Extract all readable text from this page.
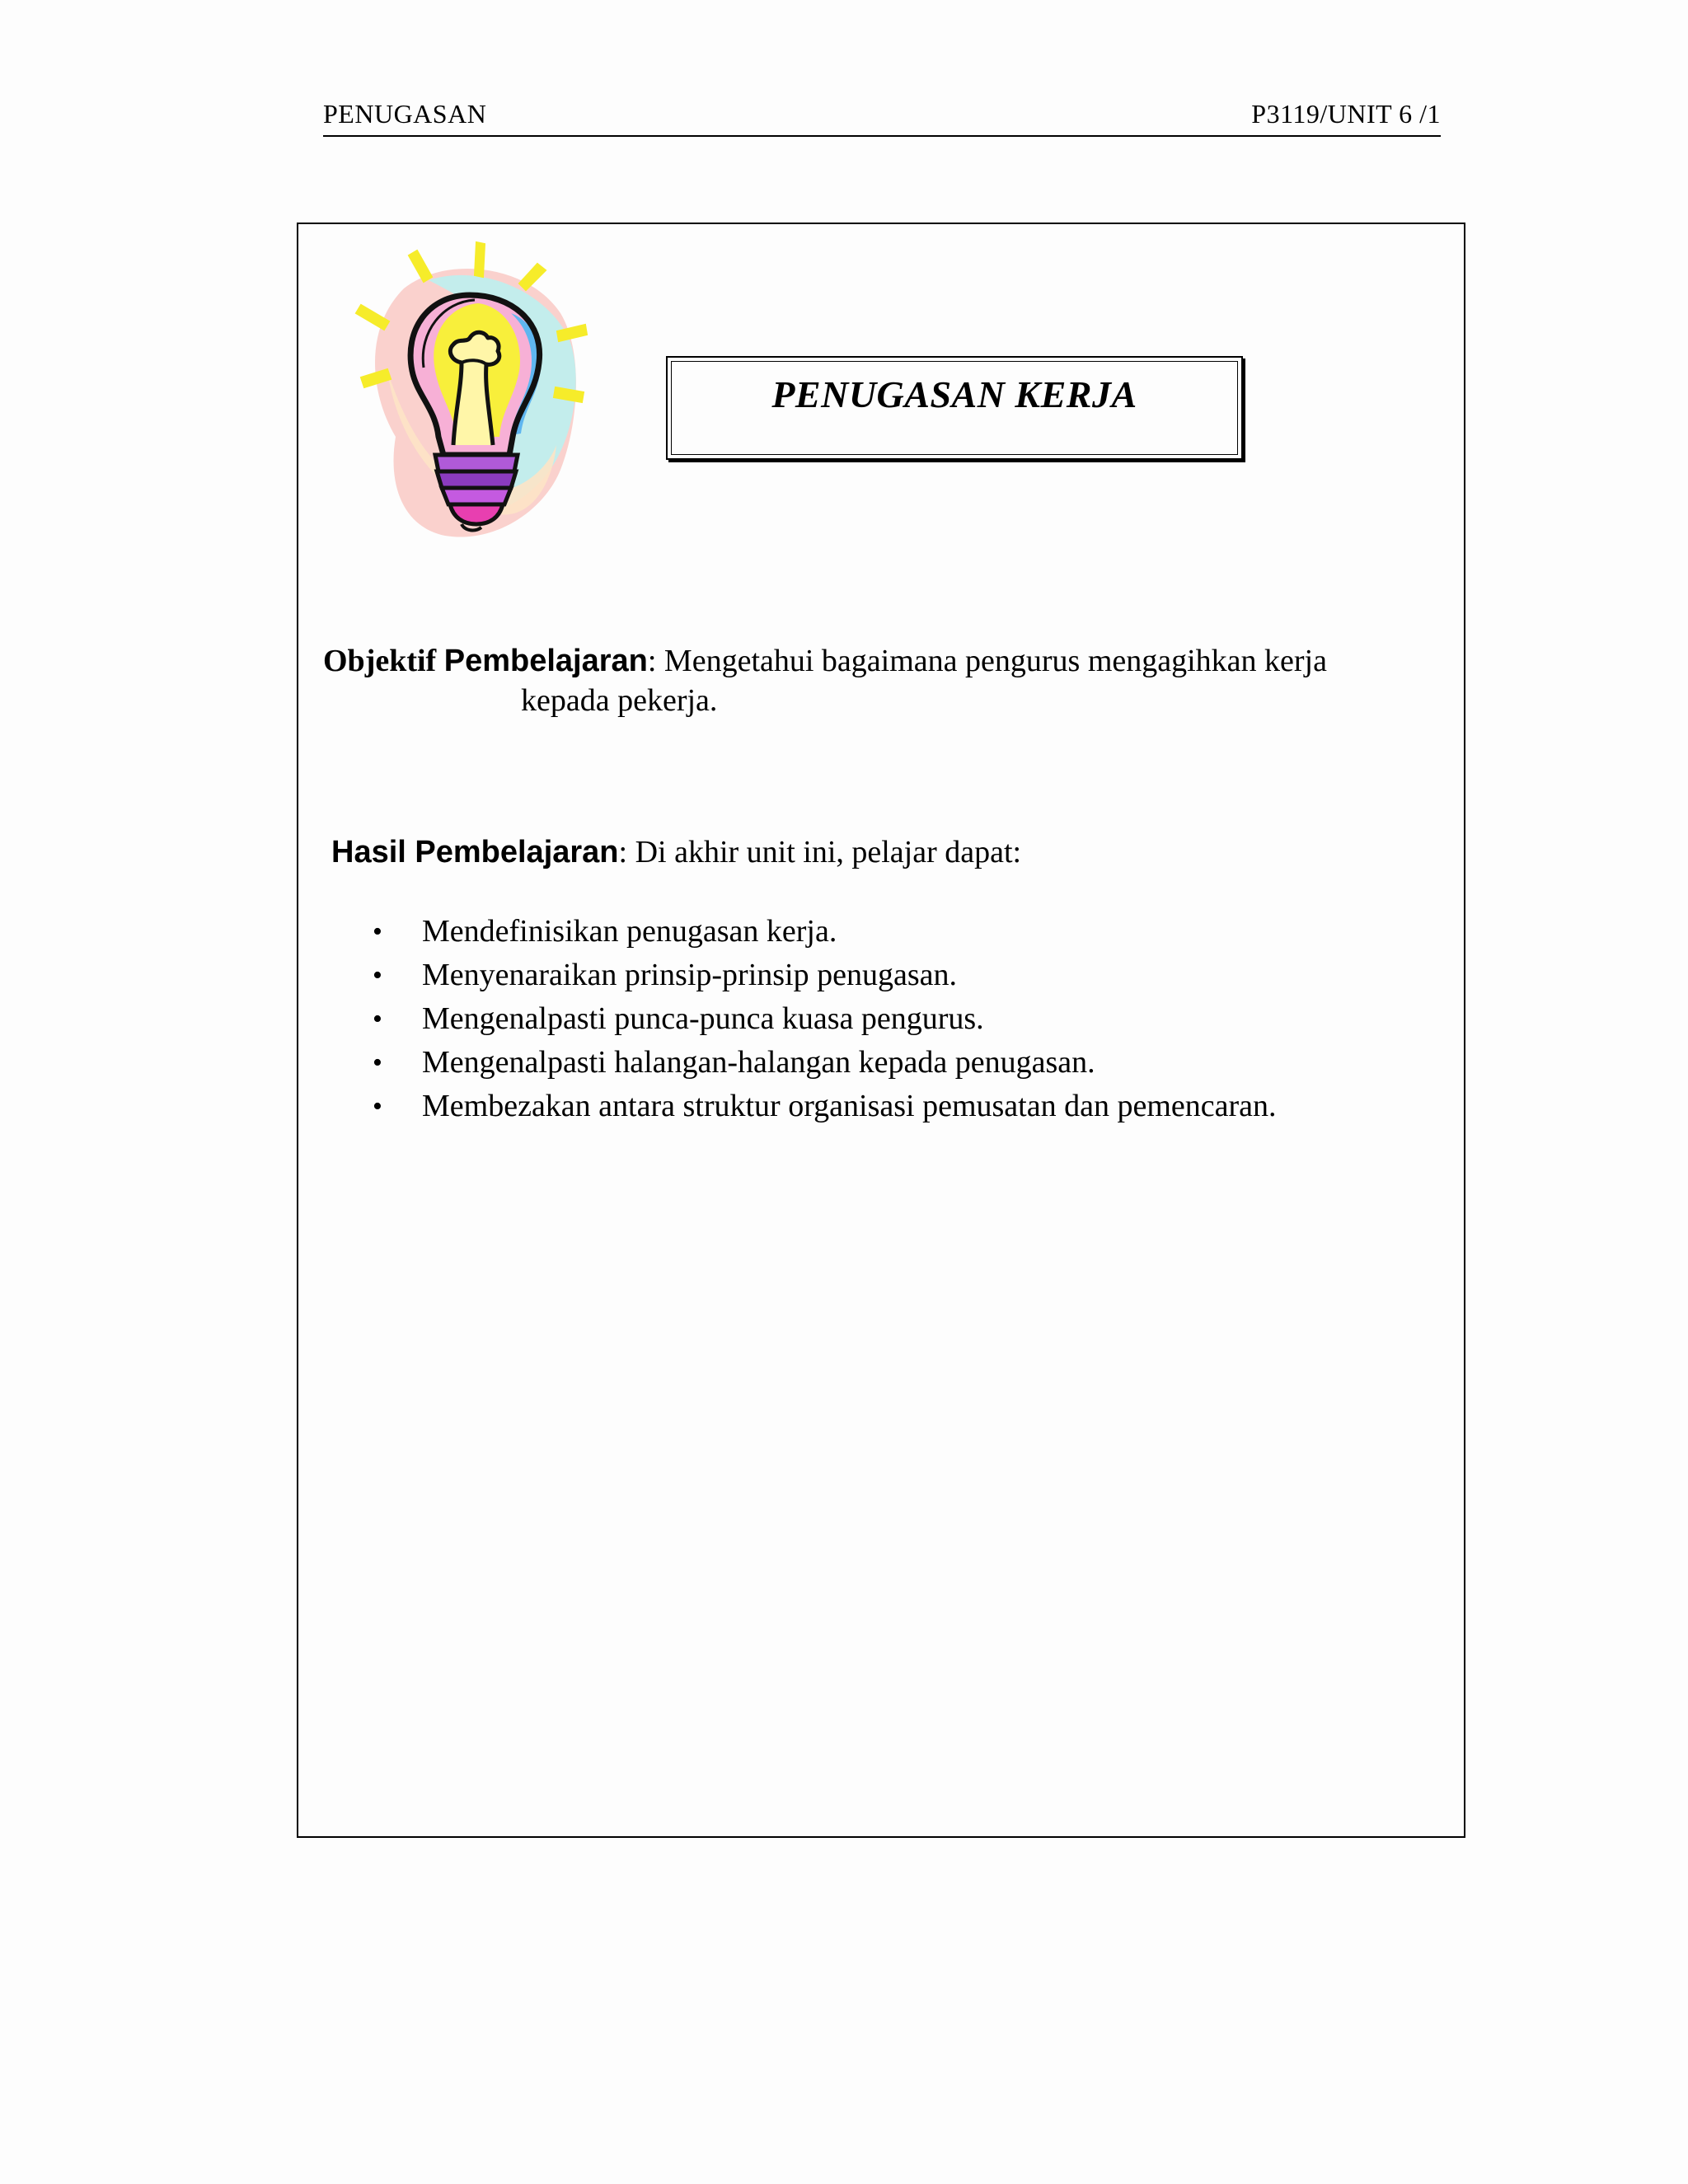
PENUGASAN	P3119/UNIT 6 /1
PENUGASAN KERJA
Objektif Pembelajaran: Mengetahui bagaimana pengurus mengagihkan kerja
kepada pekerja.
Hasil Pembelajaran: Di akhir unit ini, pelajar dapat:
• Mendefinisikan penugasan kerja.
• Menyenaraikan prinsip-prinsip penugasan.
• Mengenalpasti punca-punca kuasa pengurus.
• Mengenalpasti halangan-halangan kepada penugasan.
• Membezakan antara struktur organisasi pemusatan dan pemencaran.
